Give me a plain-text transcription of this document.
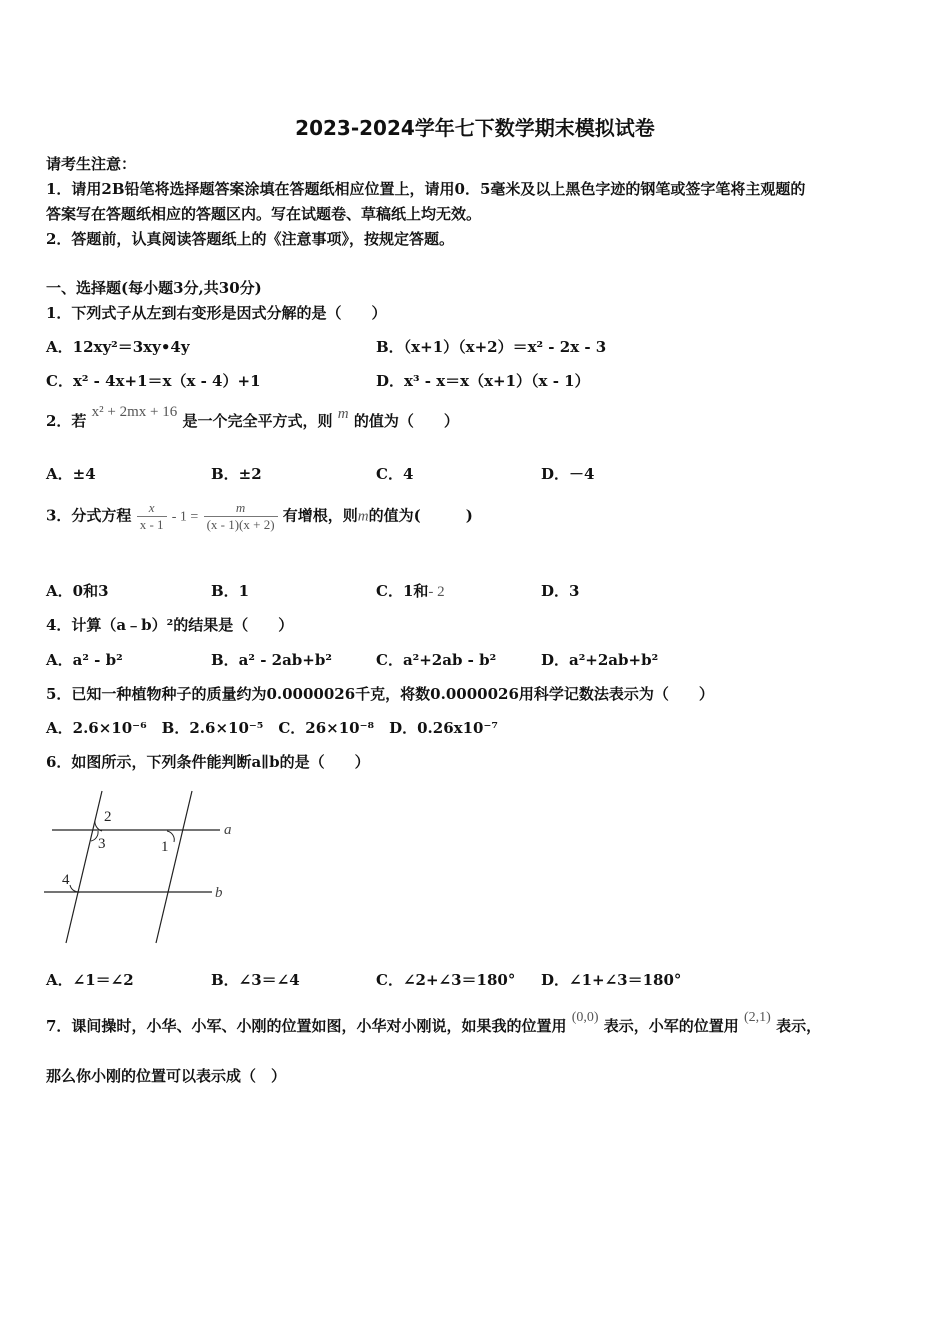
2023-2024学年七下数学期末模拟试卷
请考生注意：
1．请用2B铅笔将选择题答案涂填在答题纸相应位置上，请用0．5毫米及以上黑色字迹的钢笔或签字笔将主观题的
答案写在答题纸相应的答题区内。写在试题卷、草稿纸上均无效。
2．答题前，认真阅读答题纸上的《注意事项》，按规定答题。
一、选择题(每小题3分,共30分)
1．下列式子从左到右变形是因式分解的是（　　）
A．12xy²＝3xy•4y	B．（x+1）（x+2）＝x² - 2x - 3
C．x² - 4x+1＝x（x - 4）+1	D．x³ - x＝x（x+1）（x - 1）
2．若 x² + 2mx + 16 是一个完全平方式，则 m 的值为（　　）
A．±4	B．±2	C．4	D．－4
3．分式方程 $\frac{x}{x - 1} - 1 = \frac{m}{(x - 1)(x + 2)}$ 有增根，则m的值为(　　　)
A．0和3	B．1	C．1和- 2	D．3
4．计算（a﹣b）²的结果是（　　）
A．a² - b²	B．a² - 2ab+b²	C．a²+2ab - b²	D．a²+2ab+b²
5．已知一种植物种子的质量约为0.0000026千克，将数0.0000026用科学记数法表示为（　　）
A．2.6×10⁻⁶　B．2.6×10⁻⁵　C．26×10⁻⁸　D．0.26x10⁻⁷
6．如图所示，下列条件能判断a∥b的是（　　）
2
3	1
4
a
b
A．∠1＝∠2	B．∠3＝∠4	C．∠2+∠3＝180° D．∠1+∠3＝180°
7．课间操时，小华、小军、小刚的位置如图，小华对小刚说，如果我的位置用 (0,0) 表示，小军的位置用 (2,1) 表示，
那么你小刚的位置可以表示成（　）
